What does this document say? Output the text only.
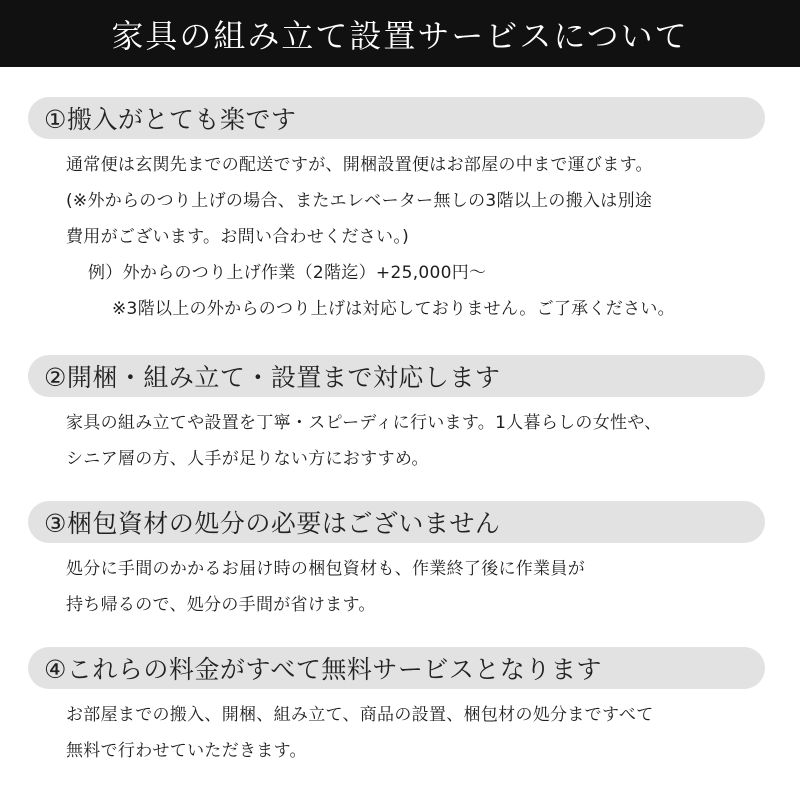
家具の組み立て設置サービスについて
①搬入がとても楽です
通常便は玄関先までの配送ですが、開梱設置便はお部屋の中まで運びます。
(※外からのつり上げの場合、またエレベーター無しの3階以上の搬入は別途
費用がございます。お問い合わせください。)
例）外からのつり上げ作業（2階迄）+25,000円～
※3階以上の外からのつり上げは対応しておりません。ご了承ください。
②開梱・組み立て・設置まで対応します
家具の組み立てや設置を丁寧・スピーディに行います。1人暮らしの女性や、
シニア層の方、人手が足りない方におすすめ。
③梱包資材の処分の必要はございません
処分に手間のかかるお届け時の梱包資材も、作業終了後に作業員が
持ち帰るので、処分の手間が省けます。
④これらの料金がすべて無料サービスとなります
お部屋までの搬入、開梱、組み立て、商品の設置、梱包材の処分まですべて
無料で行わせていただきます。
